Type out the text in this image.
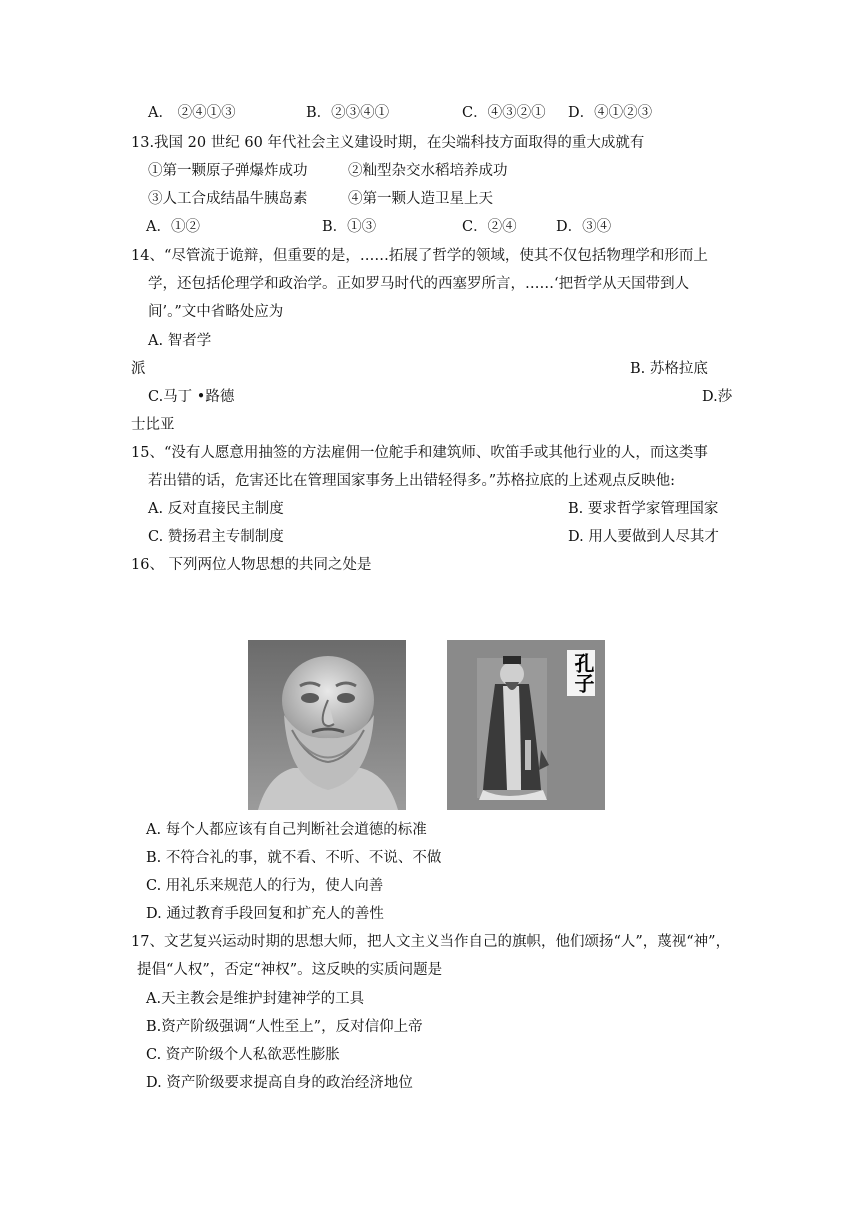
A． ②④①③	B．②③④①	C．④③②① D．④①②③
13.我国 20 世纪 60 年代社会主义建设时期，在尖端科技方面取得的重大成就有
①第一颗原子弹爆炸成功	②籼型杂交水稻培养成功
③人工合成结晶牛胰岛素	④第一颗人造卫星上天
A．①②	B．①③	C．②④	D．③④
14、“尽管流于诡辩，但重要的是，……拓展了哲学的领域，使其不仅包括物理学和形而上
学，还包括伦理学和政治学。正如罗马时代的西塞罗所言，……‘把哲学从天国带到人
间’。”文中省略处应为
A. 智者学
派	B. 苏格拉底
C.马丁 •路德	D.莎
士比亚
15、“没有人愿意用抽签的方法雇佣一位舵手和建筑师、吹笛手或其他行业的人，而这类事
若出错的话，危害还比在管理国家事务上出错轻得多。”苏格拉底的上述观点反映他:
A. 反对直接民主制度	B. 要求哲学家管理国家
C. 赞扬君主专制制度	D. 用人要做到人尽其才
16、 下列两位人物思想的共同之处是
孔子
A. 每个人都应该有自己判断社会道德的标准
B. 不符合礼的事，就不看、不听、不说、不做
C. 用礼乐来规范人的行为，使人向善
D. 通过教育手段回复和扩充人的善性
17、文艺复兴运动时期的思想大师，把人文主义当作自己的旗帜，他们颂扬“人”，蔑视“神”，
提倡“人权”，否定“神权”。这反映的实质问题是
A.天主教会是维护封建神学的工具
B.资产阶级强调“人性至上”，反对信仰上帝
C. 资产阶级个人私欲恶性膨胀
D. 资产阶级要求提高自身的政治经济地位
